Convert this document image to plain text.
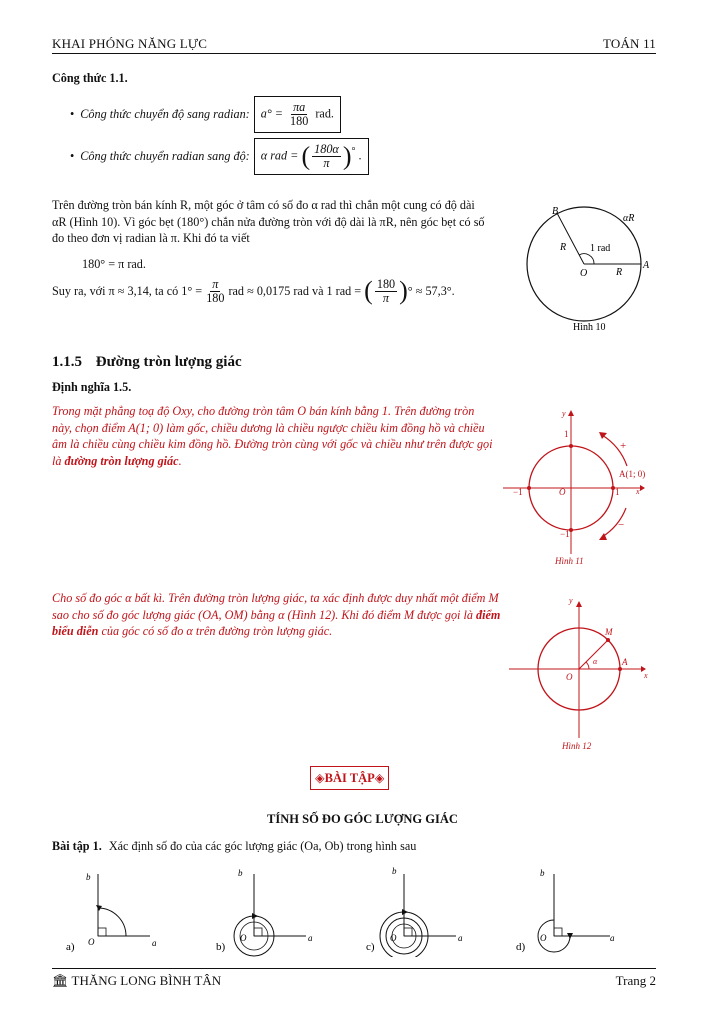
KHAI PHÓNG NĂNG LỰC	TOÁN 11
Công thức 1.1.
• Công thức chuyển độ sang radian: $a^\circ = \frac{\pi a}{180}$ rad.
• Công thức chuyển radian sang độ: α rad = ( $\frac{180\alpha}{\pi} )^\circ$ .
Trên đường tròn bán kính R, một góc ở tâm có số đo α rad thì chắn một cung có độ dài
αR (Hình 10). Vì góc bẹt (180°) chắn nửa đường tròn với độ dài là πR, nên góc bẹt có số
đo theo đơn vị radian là π. Khi đó ta viết
180° = π rad.
Suy ra, với π ≈ 3,14, ta có $1^\circ = \frac{\pi}{180}$ rad ≈ 0,0175 rad và 1 rad = ( $\frac{180}{\pi}$ ) ° ≈ 57,3°.
B
αR
R 1 rad
O	R
A
Hình 10
1.1.5 Đường tròn lượng giác
Định nghĩa 1.5.
Trong mặt phẳng toạ độ Oxy, cho đường tròn tâm O bán kính bằng 1. Trên đường tròn
này, chọn điểm A(1; 0) làm gốc, chiều dương là chiều ngược chiều kim đồng hồ và chiều
âm là chiều cùng chiều kim đồng hồ. Đường tròn cùng với gốc và chiều như trên được gọi
là đường tròn lượng giác.
y
1
+
A(1; 0)
−1	O	1 x
−
−1
Hình 11
Cho số đo góc α bất kì. Trên đường tròn lượng giác, ta xác định được duy nhất một điểm M
sao cho số đo góc lượng giác (OA, OM) bằng α (Hình 12). Khi đó điểm M được gọi là điểm
biểu diễn của góc có số đo α trên đường tròn lượng giác.
y
M
α	A
O	x
Hình 12
◈BÀI TẬP◈
TÍNH SỐ ĐO GÓC LƯỢNG GIÁC
Bài tập 1. Xác định số đo của các góc lượng giác (Oa, Ob) trong hình sau
b
O	a
a)
b
O	a
b)
b
O	a
c)
b
O	a
d)
🏛 THĂNG LONG BÌNH TÂN	Trang 2
